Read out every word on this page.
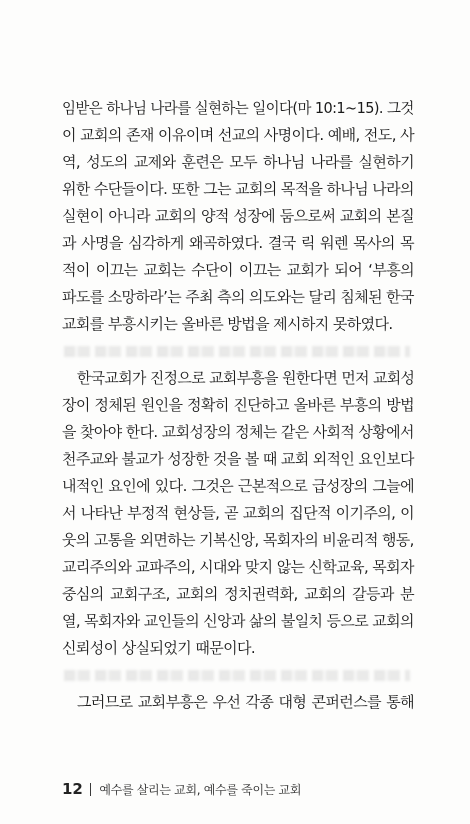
임받은 하나님 나라를 실현하는 일이다(마 10:1~15). 그것
이 교회의 존재 이유이며 선교의 사명이다. 예배, 전도, 사
역, 성도의 교제와 훈련은 모두 하나님 나라를 실현하기
위한 수단들이다. 또한 그는 교회의 목적을 하나님 나라의
실현이 아니라 교회의 양적 성장에 둠으로써 교회의 본질
과 사명을 심각하게 왜곡하였다. 결국 릭 워렌 목사의 목
적이 이끄는 교회는 수단이 이끄는 교회가 되어 ‘부흥의
파도를 소망하라’는 주최 측의 의도와는 달리 침체된 한국
교회를 부흥시키는 올바른 방법을 제시하지 못하였다.
한국교회가 진정으로 교회부흥을 원한다면 먼저 교회성
장이 정체된 원인을 정확히 진단하고 올바른 부흥의 방법
을 찾아야 한다. 교회성장의 정체는 같은 사회적 상황에서
천주교와 불교가 성장한 것을 볼 때 교회 외적인 요인보다
내적인 요인에 있다. 그것은 근본적으로 급성장의 그늘에
서 나타난 부정적 현상들, 곧 교회의 집단적 이기주의, 이
웃의 고통을 외면하는 기복신앙, 목회자의 비윤리적 행동,
교리주의와 교파주의, 시대와 맞지 않는 신학교육, 목회자
중심의 교회구조, 교회의 정치권력화, 교회의 갈등과 분
열, 목회자와 교인들의 신앙과 삶의 불일치 등으로 교회의
신뢰성이 상실되었기 때문이다.
그러므로 교회부흥은 우선 각종 대형 콘퍼런스를 통해
12 예수를 살리는 교회, 예수를 죽이는 교회
